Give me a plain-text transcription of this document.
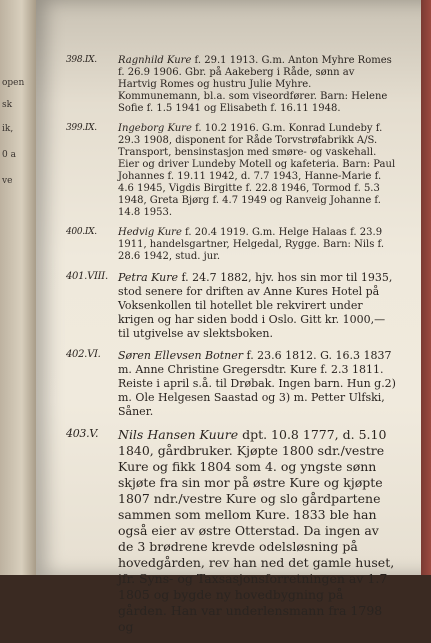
open
sk
ik,
0 a
ve
398.IX. Ragnhild Kure f. 29.1 1913. G.m. Anton Myhre Romes f. 26.9 1906. Gbr. på Aakeberg i Råde, sønn av Hartvig Romes og hustru Julie Myhre. Kommunemann, bl.a. som viseordfører. Barn: Helene Sofie f. 1.5 1941 og Elisabeth f. 16.11 1948.
399.IX. Ingeborg Kure f. 10.2 1916. G.m. Konrad Lundeby f. 29.3 1908, disponent for Råde Torvstrøfabrikk A/S. Transport, bensinstasjon med smøre- og vaskehall. Eier og driver Lundeby Motell og kafeteria. Barn: Paul Johannes f. 19.11 1942, d. 7.7 1943, Hanne-Marie f. 4.6 1945, Vigdis Birgitte f. 22.8 1946, Tormod f. 5.3 1948, Greta Bjørg f. 4.7 1949 og Ranveig Johanne f. 14.8 1953.
400.IX. Hedvig Kure f. 20.4 1919. G.m. Helge Halaas f. 23.9 1911, handelsgartner, Helgedal, Rygge. Barn: Nils f. 28.6 1942, stud. jur.
401.VIII. Petra Kure f. 24.7 1882, hjv. hos sin mor til 1935, stod senere for driften av Anne Kures Hotel på Voksenkollen til hotellet ble rekvirert under krigen og har siden bodd i Oslo. Gitt kr. 1000,— til utgivelse av slektsboken.
402.VI. Søren Ellevsen Botner f. 23.6 1812. G. 16.3 1837 m. Anne Christine Gregersdtr. Kure f. 2.3 1811. Reiste i april s.å. til Drøbak. Ingen barn. Hun g.2) m. Ole Helgesen Saastad og 3) m. Petter Ulfski, Såner.
403.V. Nils Hansen Kuure dpt. 10.8 1777, d. 5.10 1840, gårdbruker. Kjøpte 1800 sdr./vestre Kure og fikk 1804 som 4. og yngste sønn skjøte fra sin mor på østre Kure og kjøpte 1807 ndr./vestre Kure og slo gårdpartene sammen som mellom Kure. 1833 ble han også eier av østre Otterstad. Da ingen av de 3 brødrene krevde odelsløsning på hovedgården, rev han ned det gamle huset, jfr. Syns- og Taxsasjonsforretningen av 1.7 1805 og bygde ny hovedbygning på gården. Han var underlensmann fra 1798 og
